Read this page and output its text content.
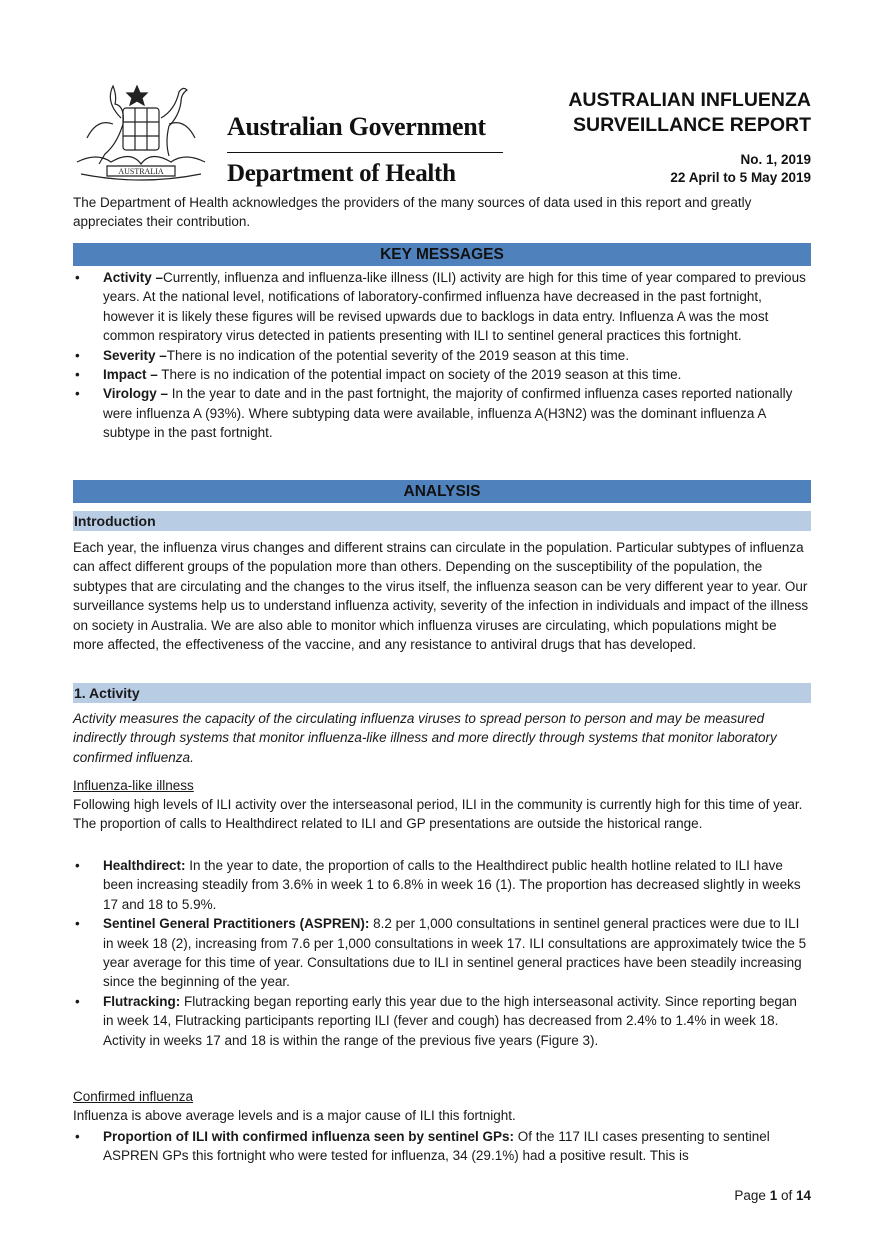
AUSTRALIA
Australian Government
Department of Health
AUSTRALIAN INFLUENZA
SURVEILLANCE REPORT
No. 1, 2019
22 April to 5 May 2019
The Department of Health acknowledges the providers of the many sources of data used in this report and greatly appreciates their contribution.
KEY MESSAGES
• Activity –Currently, influenza and influenza-like illness (ILI) activity are high for this time of year compared to previous years. At the national level, notifications of laboratory-confirmed influenza have decreased in the past fortnight, however it is likely these figures will be revised upwards due to backlogs in data entry. Influenza A was the most common respiratory virus detected in patients presenting with ILI to sentinel general practices this fortnight.
• Severity –There is no indication of the potential severity of the 2019 season at this time.
• Impact – There is no indication of the potential impact on society of the 2019 season at this time.
• Virology – In the year to date and in the past fortnight, the majority of confirmed influenza cases reported nationally were influenza A (93%). Where subtyping data were available, influenza A(H3N2) was the dominant influenza A subtype in the past fortnight.
ANALYSIS
Introduction
Each year, the influenza virus changes and different strains can circulate in the population. Particular subtypes of influenza can affect different groups of the population more than others. Depending on the susceptibility of the population, the subtypes that are circulating and the changes to the virus itself, the influenza season can be very different year to year. Our surveillance systems help us to understand influenza activity, severity of the infection in individuals and impact of the illness on society in Australia. We are also able to monitor which influenza viruses are circulating, which populations might be more affected, the effectiveness of the vaccine, and any resistance to antiviral drugs that has developed.
1. Activity
Activity measures the capacity of the circulating influenza viruses to spread person to person and may be measured indirectly through systems that monitor influenza-like illness and more directly through systems that monitor laboratory confirmed influenza.
Influenza-like illness
Following high levels of ILI activity over the interseasonal period, ILI in the community is currently high for this time of year. The proportion of calls to Healthdirect related to ILI and GP presentations are outside the historical range.
• Healthdirect: In the year to date, the proportion of calls to the Healthdirect public health hotline related to ILI have been increasing steadily from 3.6% in week 1 to 6.8% in week 16 (1). The proportion has decreased slightly in weeks 17 and 18 to 5.9%.
• Sentinel General Practitioners (ASPREN): 8.2 per 1,000 consultations in sentinel general practices were due to ILI in week 18 (2), increasing from 7.6 per 1,000 consultations in week 17. ILI consultations are approximately twice the 5 year average for this time of year. Consultations due to ILI in sentinel general practices have been steadily increasing since the beginning of the year.
• Flutracking: Flutracking began reporting early this year due to the high interseasonal activity. Since reporting began in week 14, Flutracking participants reporting ILI (fever and cough) has decreased from 2.4% to 1.4% in week 18. Activity in weeks 17 and 18 is within the range of the previous five years (Figure 3).
Confirmed influenza
Influenza is above average levels and is a major cause of ILI this fortnight.
• Proportion of ILI with confirmed influenza seen by sentinel GPs: Of the 117 ILI cases presenting to sentinel ASPREN GPs this fortnight who were tested for influenza, 34 (29.1%) had a positive result. This is
Page 1 of 14
